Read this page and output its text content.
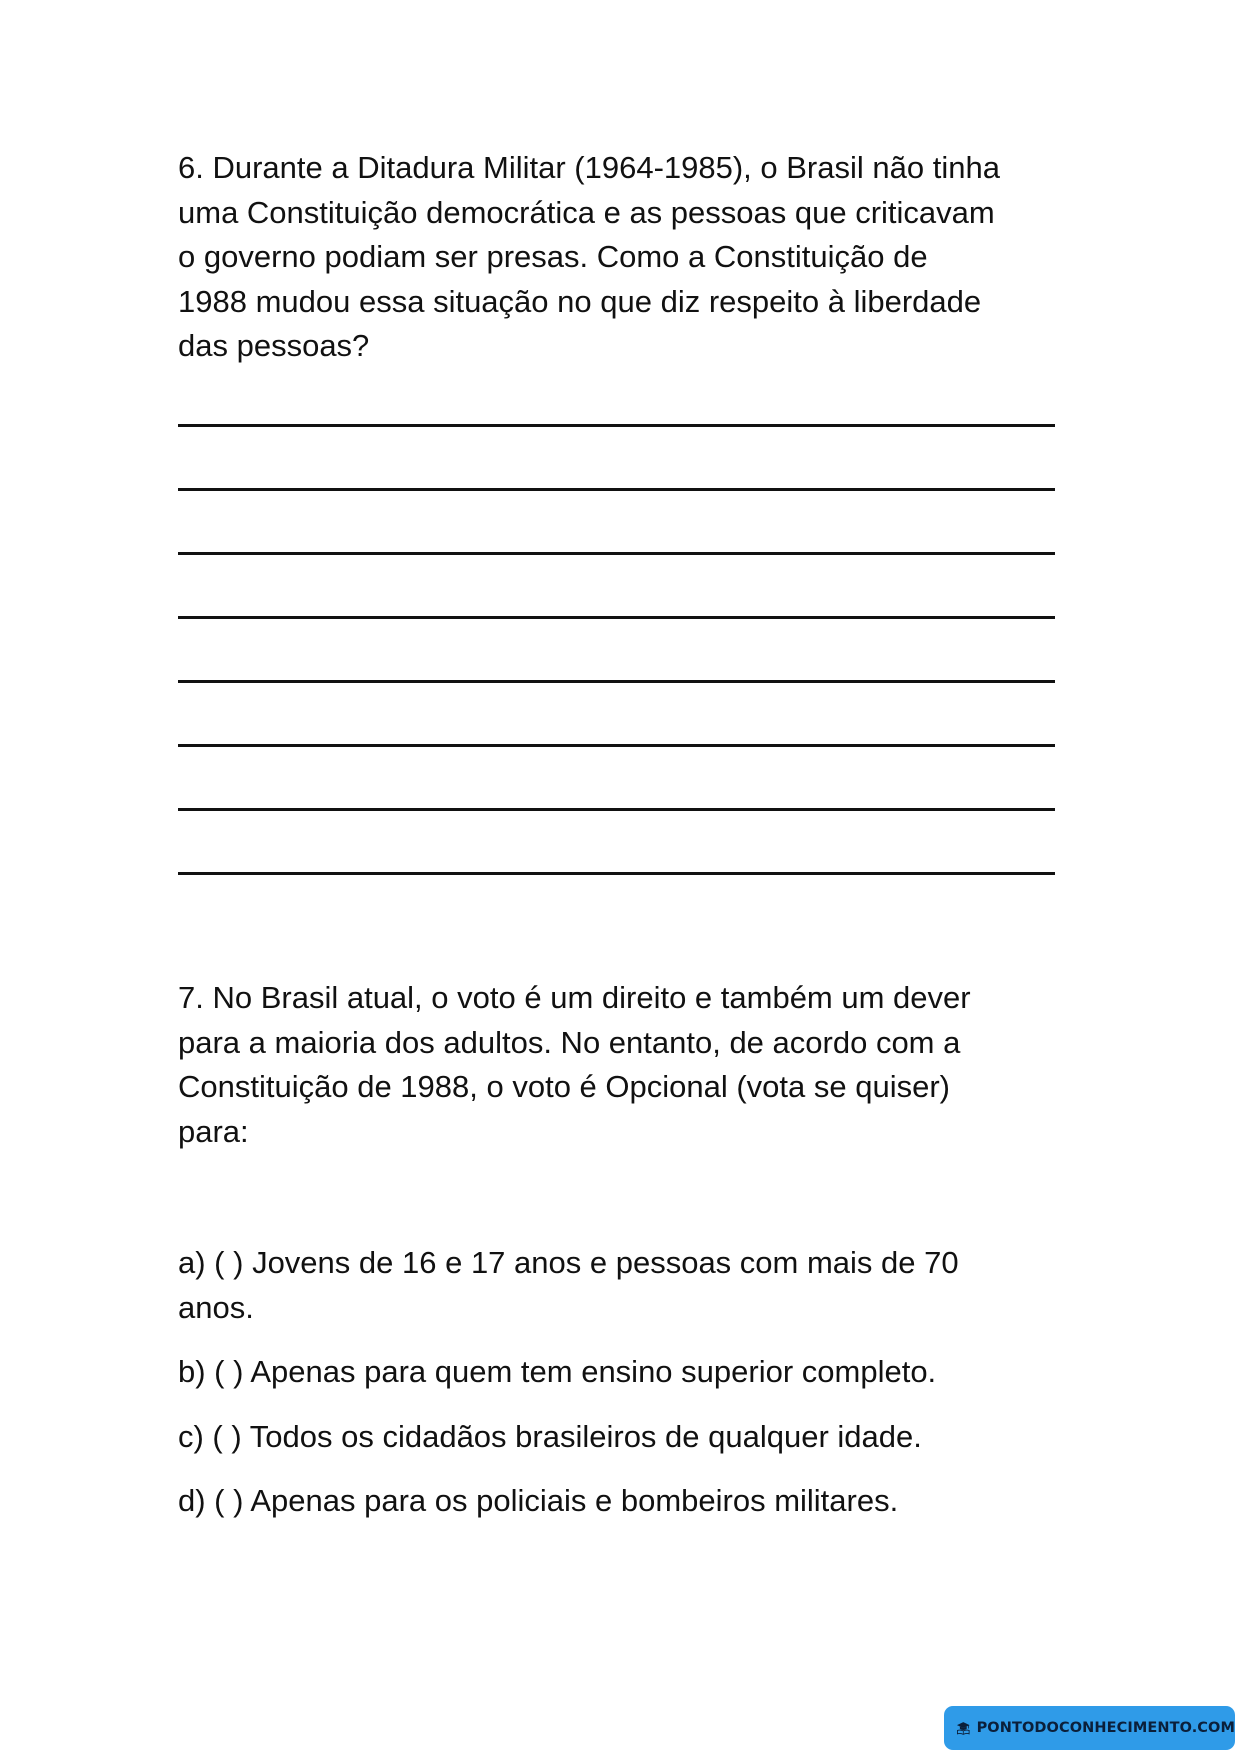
6. Durante a Ditadura Militar (1964-1985), o Brasil não tinha
uma Constituição democrática e as pessoas que criticavam
o governo podiam ser presas. Como a Constituição de
1988 mudou essa situação no que diz respeito à liberdade
das pessoas?
7. No Brasil atual, o voto é um direito e também um dever
para a maioria dos adultos. No entanto, de acordo com a
Constituição de 1988, o voto é Opcional (vota se quiser)
para:
a) ( ) Jovens de 16 e 17 anos e pessoas com mais de 70
anos.
b) ( ) Apenas para quem tem ensino superior completo.
c) ( ) Todos os cidadãos brasileiros de qualquer idade.
d) ( ) Apenas para os policiais e bombeiros militares.
PONTODOCONHECIMENTO.COM
